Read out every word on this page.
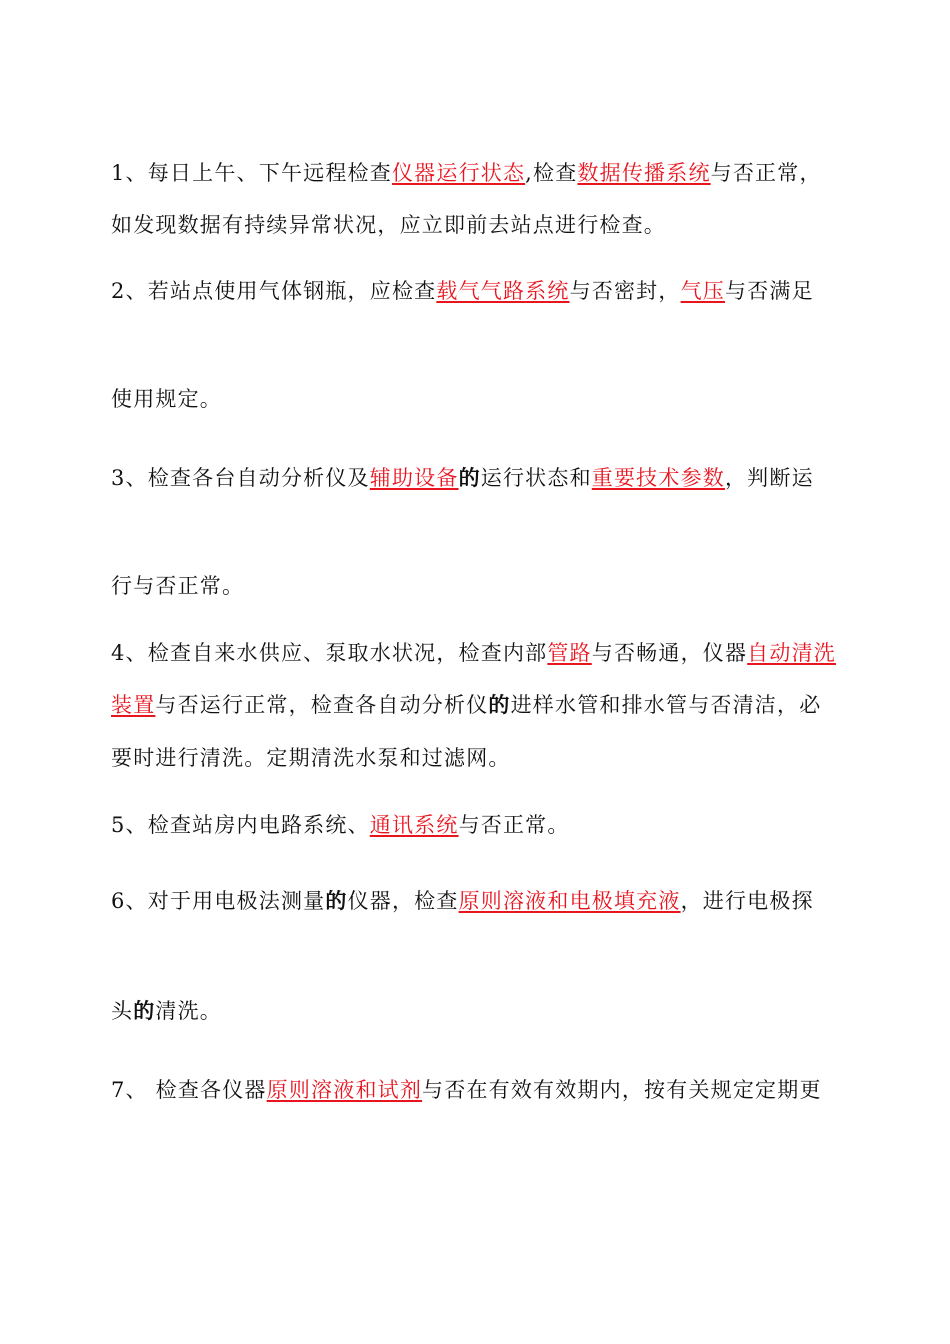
1、每日上午、下午远程检查仪器运行状态,检查数据传播系统与否正常，
如发现数据有持续异常状况，应立即前去站点进行检查。
2、若站点使用气体钢瓶，应检查载气气路系统与否密封，气压与否满足
使用规定。
3、检查各台自动分析仪及辅助设备的运行状态和重要技术参数，判断运
行与否正常。
4、检查自来水供应、泵取水状况，检查内部管路与否畅通，仪器自动清洗
装置与否运行正常，检查各自动分析仪的进样水管和排水管与否清洁，必
要时进行清洗。定期清洗水泵和过滤网。
5、检查站房内电路系统、通讯系统与否正常。
6、对于用电极法测量的仪器，检查原则溶液和电极填充液，进行电极探
头的清洗。
7、 检查各仪器原则溶液和试剂与否在有效有效期内，按有关规定定期更
